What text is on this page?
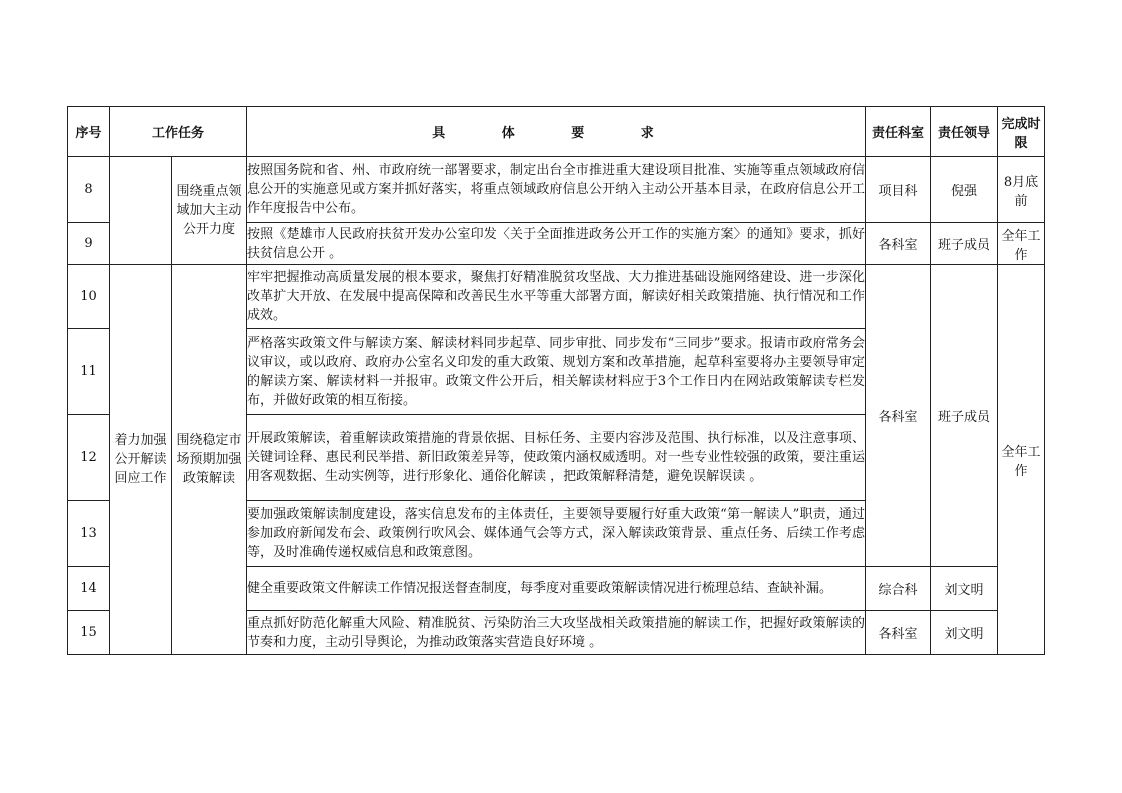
序号	工作任务		具 体 要 求	责任科室	责任领导	完成时限
8		围绕重点领域加大主动公开力度	按照国务院和省、州、市政府统一部署要求，制定出台全市推进重大建设项目批准、实施等重点领域政府信息公开的实施意见或方案并抓好落实，将重点领域政府信息公开纳入主动公开基本目录，在政府信息公开工作年度报告中公布。	项目科	倪强	8月底前
9			按照《楚雄市人民政府扶贫开发办公室印发〈关于全面推进政务公开工作的实施方案〉的通知》要求，抓好扶贫信息公开 。	各科室	班子成员	全年工作
10	着力加强公开解读回应工作	围绕稳定市场预期加强政策解读	牢牢把握推动高质量发展的根本要求，聚焦打好精准脱贫攻坚战、大力推进基础设施网络建设、进一步深化改革扩大开放、在发展中提高保障和改善民生水平等重大部署方面，解读好相关政策措施、执行情况和工作成效。	各科室	班子成员	全年工作
11			严格落实政策文件与解读方案、解读材料同步起草、同步审批、同步发布“三同步”要求。报请市政府常务会议审议，或以政府、政府办公室名义印发的重大政策、规划方案和改革措施，起草科室要将办主要领导审定的解读方案、解读材料一并报审。政策文件公开后，相关解读材料应于3个工作日内在网站政策解读专栏发布，并做好政策的相互衔接。			
12			开展政策解读，着重解读政策措施的背景依据、目标任务、主要内容涉及范围、执行标准，以及注意事项、关键词诠释、惠民利民举措、新旧政策差异等，使政策内涵权威透明。对一些专业性较强的政策，要注重运用客观数据、生动实例等，进行形象化、通俗化解读 ，把政策解释清楚，避免误解误读 。			
13			要加强政策解读制度建设，落实信息发布的主体责任，主要领导要履行好重大政策“第一解读人”职责，通过参加政府新闻发布会、政策例行吹风会、媒体通气会等方式，深入解读政策背景、重点任务、后续工作考虑等，及时准确传递权威信息和政策意图。			
14			健全重要政策文件解读工作情况报送督查制度，每季度对重要政策解读情况进行梳理总结、查缺补漏。	综合科	刘文明	
15			重点抓好防范化解重大风险、精准脱贫、污染防治三大攻坚战相关政策措施的解读工作，把握好政策解读的节奏和力度，主动引导舆论，为推动政策落实营造良好环境 。	各科室	刘文明	
